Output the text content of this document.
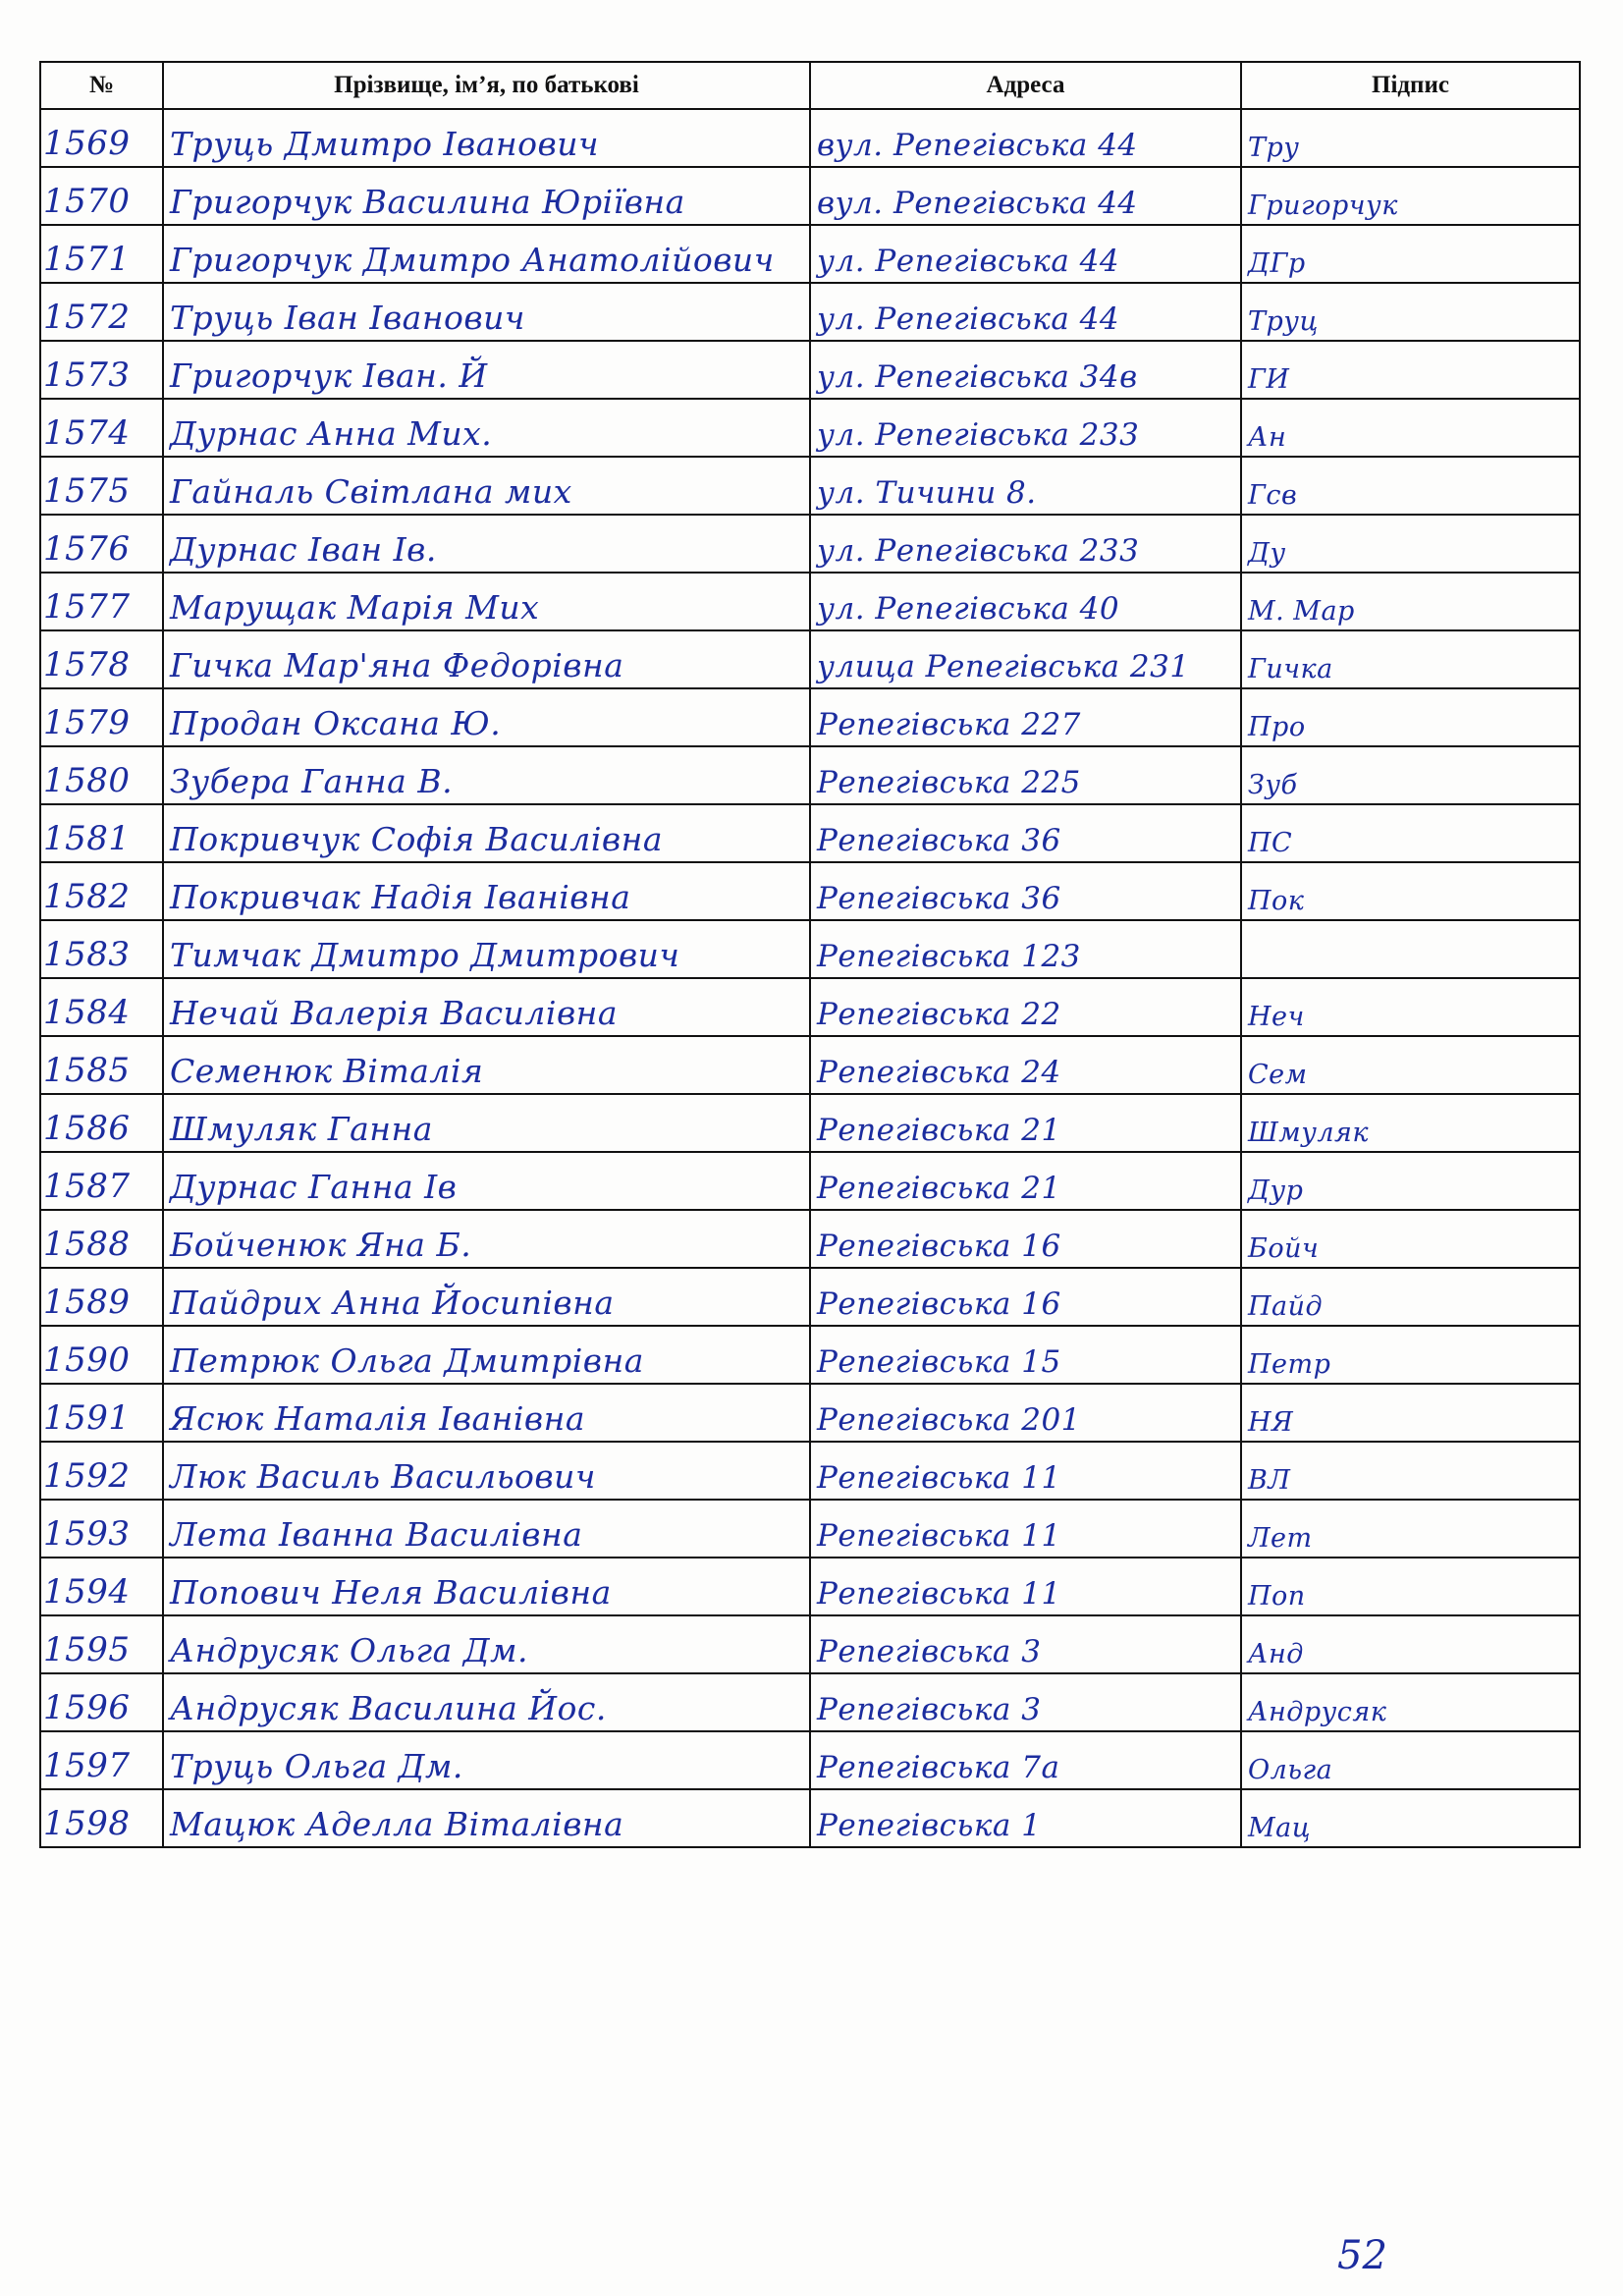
№	Прізвище, ім’я, по батькові	Адреса	Підпис
1569	Труць Дмитро Іванович	вул. Репегівська 44	Тру
1570	Григорчук Василина Юріївна	вул. Репегівська 44	Григорчук
1571	Григорчук Дмитро Анатолійович	ул. Репегівська 44	ДГр
1572	Труць Іван Іванович	ул. Репегівська 44	Труц
1573	Григорчук Іван. Й	ул. Репегівська 34в	ГИ
1574	Дурнас Анна Мих.	ул. Репегівська 233	Ан
1575	Гайналь Світлана мих	ул. Тичини 8.	Гсв
1576	Дурнас Іван Ів.	ул. Репегівська 233	Ду
1577	Марущак Марія Мих	ул. Репегівська 40	М. Мар
1578	Гичка Мар'яна Федорівна	улица Репегівська 231	Гичка
1579	Продан Оксана Ю.	Репегівська 227	Про
1580	Зубера Ганна В.	Репегівська 225	Зуб
1581	Покривчук Софія Василівна	Репегівська 36	ПС
1582	Покривчак Надія Іванівна	Репегівська 36	Пок
1583	Тимчак Дмитро Дмитрович	Репегівська 123
1584	Нечай Валерія Василівна	Репегівська 22	Неч
1585	Семенюк Віталія	Репегівська 24	Сем
1586	Шмуляк Ганна	Репегівська 21	Шмуляк
1587	Дурнас Ганна Ів	Репегівська 21	Дур
1588	Бойченюк Яна Б.	Репегівська 16	Бойч
1589	Пайдрих Анна Йосипівна	Репегівська 16	Пайд
1590	Петрюк Ольга Дмитрівна	Репегівська 15	Петр
1591	Ясюк Наталія Іванівна	Репегівська 201	НЯ
1592	Люк Василь Васильович	Репегівська 11	ВЛ
1593	Лета Іванна Василівна	Репегівська 11	Лет
1594	Попович Неля Василівна	Репегівська 11	Поп
1595	Андрусяк Ольга Дм.	Репегівська 3	Анд
1596	Андрусяк Василина Йос.	Репегівська 3	Андрусяк
1597	Труць Ольга Дм.	Репегівська 7а	Ольга
1598	Мацюк Аделла Віталівна	Репегівська 1	Мац
52
